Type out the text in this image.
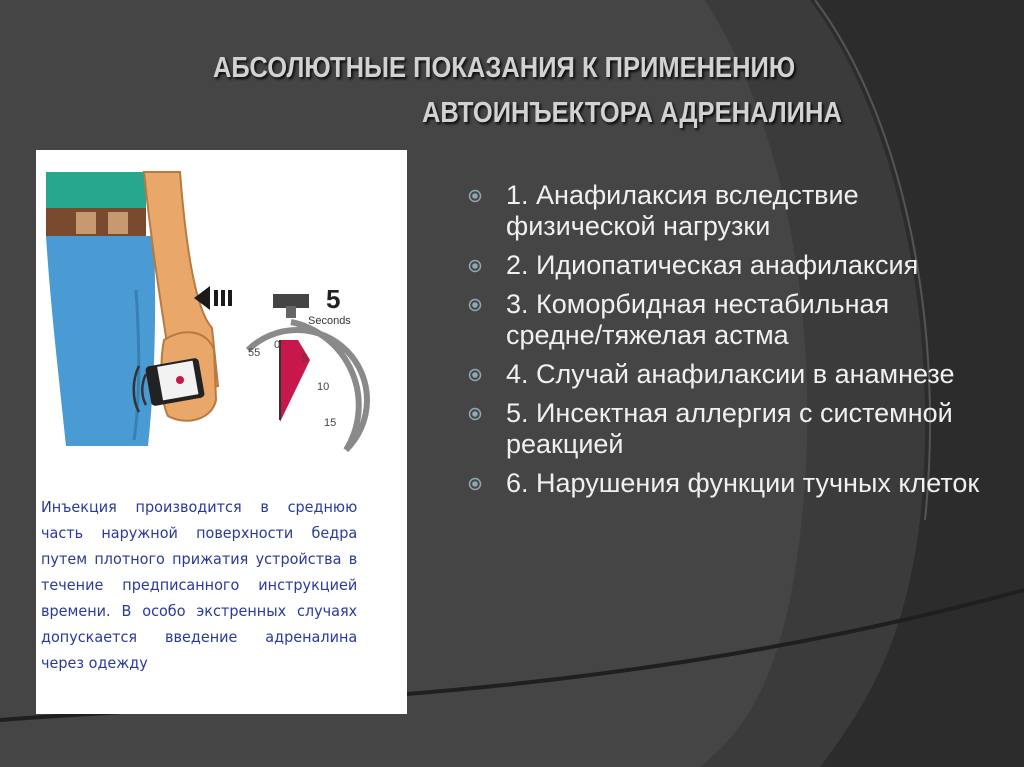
АБСОЛЮТНЫЕ ПОКАЗАНИЯ К ПРИМЕНЕНИЮ
АВТОИНЪЕКТОРА АДРЕНАЛИНА
5
Seconds
55
0
5
10
15
Инъекция производится в среднюю часть наружной поверхности бедра путем плотного прижатия устройства в течение предписанного инструкцией времени. В особо экстренных случаях допускается введение адреналина через одежду
1. Анафилаксия вследствие физической нагрузки
2. Идиопатическая анафилаксия
3. Коморбидная нестабильная средне/тяжелая астма
4. Случай анафилаксии в анамнезе
5. Инсектная аллергия с системной реакцией
6. Нарушения функции тучных клеток
